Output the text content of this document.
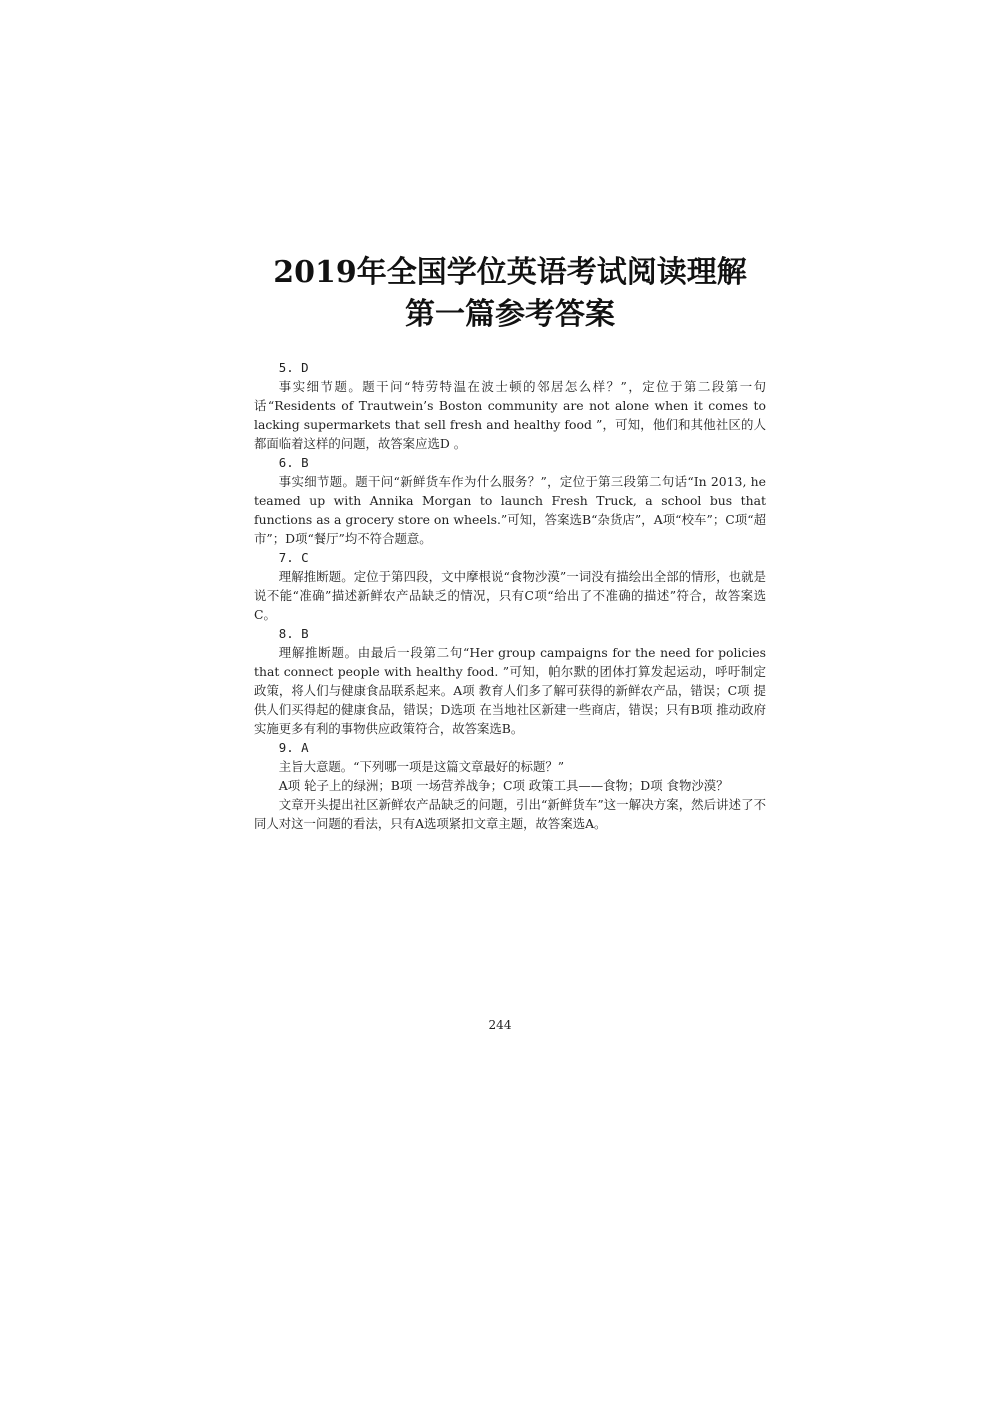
2019年全国学位英语考试阅读理解
第一篇参考答案

5. D

事实细节题。题干问“特劳特温在波士顿的邻居怎么样？”，定位于第二段第一句话“Residents of Trautwein’s Boston community are not alone when it comes to lacking supermarkets that sell fresh and healthy food ”，可知，他们和其他社区的人都面临着这样的问题，故答案应选D 。

6. B

事实细节题。题干问“新鲜货车作为什么服务？”，定位于第三段第二句话“In 2013, he teamed up with Annika Morgan to launch Fresh Truck, a school bus that functions as a grocery store on wheels.”可知，答案选B“杂货店”，A项“校车”；C项“超市”；D项“餐厅”均不符合题意。

7. C

理解推断题。定位于第四段，文中摩根说“食物沙漠”一词没有描绘出全部的情形，也就是说不能“准确”描述新鲜农产品缺乏的情况，只有C项“给出了不准确的描述”符合，故答案选C。

8. B

理解推断题。由最后一段第二句“Her group campaigns for the need for policies that connect people with healthy food. ”可知，帕尔默的团体打算发起运动，呼吁制定政策，将人们与健康食品联系起来。A项 教育人们多了解可获得的新鲜农产品，错误；C项 提供人们买得起的健康食品，错误；D选项 在当地社区新建一些商店，错误；只有B项 推动政府实施更多有利的事物供应政策符合，故答案选B。

9. A

主旨大意题。“下列哪一项是这篇文章最好的标题？”

A项 轮子上的绿洲；B项 一场营养战争；C项 政策工具——食物；D项 食物沙漠？

文章开头提出社区新鲜农产品缺乏的问题，引出“新鲜货车”这一解决方案，然后讲述了不同人对这一问题的看法，只有A选项紧扣文章主题，故答案选A。

244
